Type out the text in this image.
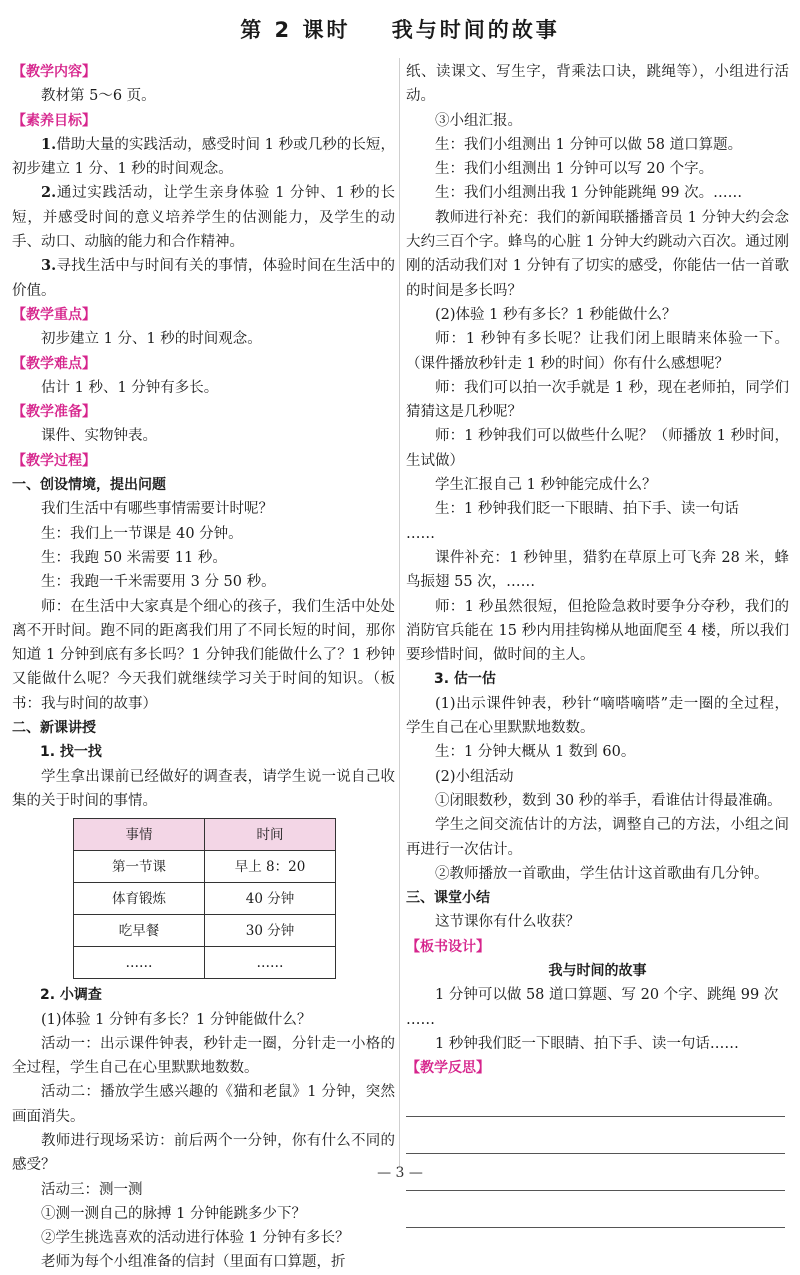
第 2 课时    我与时间的故事
【教学内容】
教材第 5～6 页。
【素养目标】
1.借助大量的实践活动，感受时间 1 秒或几秒的长短，初步建立 1 分、1 秒的时间观念。
2.通过实践活动，让学生亲身体验 1 分钟、1 秒的长短，并感受时间的意义培养学生的估测能力，及学生的动手、动口、动脑的能力和合作精神。
3.寻找生活中与时间有关的事情，体验时间在生活中的价值。
【教学重点】
初步建立 1 分、1 秒的时间观念。
【教学难点】
估计 1 秒、1 分钟有多长。
【教学准备】
课件、实物钟表。
【教学过程】
一、创设情境，提出问题
我们生活中有哪些事情需要计时呢？
生：我们上一节课是 40 分钟。
生：我跑 50 米需要 11 秒。
生：我跑一千米需要用 3 分 50 秒。
师：在生活中大家真是个细心的孩子，我们生活中处处离不开时间。跑不同的距离我们用了不同长短的时间，那你知道 1 分钟到底有多长吗？1 分钟我们能做什么了？1 秒钟又能做什么呢？今天我们就继续学习关于时间的知识。（板书：我与时间的故事）
二、新课讲授
1. 找一找
学生拿出课前已经做好的调查表，请学生说一说自己收集的关于时间的事情。
事情	时间
第一节课	早上 8：20
体育锻炼	40 分钟
吃早餐	30 分钟
……	……
2. 小调查
(1)体验 1 分钟有多长？1 分钟能做什么？
活动一：出示课件钟表，秒针走一圈，分针走一小格的全过程，学生自己在心里默默地数数。
活动二：播放学生感兴趣的《猫和老鼠》1 分钟，突然画面消失。
教师进行现场采访：前后两个一分钟，你有什么不同的感受？
活动三：测一测
①测一测自己的脉搏 1 分钟能跳多少下？
②学生挑选喜欢的活动进行体验 1 分钟有多长？
老师为每个小组准备的信封（里面有口算题，折
纸、读课文、写生字，背乘法口诀，跳绳等），小组进行活动。
③小组汇报。
生：我们小组测出 1 分钟可以做 58 道口算题。
生：我们小组测出 1 分钟可以写 20 个字。
生：我们小组测出我 1 分钟能跳绳 99 次。……
教师进行补充：我们的新闻联播播音员 1 分钟大约会念大约三百个字。蜂鸟的心脏 1 分钟大约跳动六百次。通过刚刚的活动我们对 1 分钟有了切实的感受，你能估一估一首歌的时间是多长吗？
(2)体验 1 秒有多长？1 秒能做什么？
师：1 秒钟有多长呢？让我们闭上眼睛来体验一下。（课件播放秒针走 1 秒的时间）你有什么感想呢？
师：我们可以拍一次手就是 1 秒，现在老师拍，同学们猜猜这是几秒呢？
师：1 秒钟我们可以做些什么呢？（师播放 1 秒时间，生试做）
学生汇报自己 1 秒钟能完成什么？
生：1 秒钟我们眨一下眼睛、拍下手、读一句话
……
课件补充：1 秒钟里，猎豹在草原上可飞奔 28 米，蜂鸟振翅 55 次，……
师：1 秒虽然很短，但抢险急救时要争分夺秒，我们的消防官兵能在 15 秒内用挂钩梯从地面爬至 4 楼，所以我们要珍惜时间，做时间的主人。
3. 估一估
(1)出示课件钟表，秒针“嘀嗒嘀嗒”走一圈的全过程，学生自己在心里默默地数数。
生：1 分钟大概从 1 数到 60。
(2)小组活动
①闭眼数秒，数到 30 秒的举手，看谁估计得最准确。
学生之间交流估计的方法，调整自己的方法，小组之间再进行一次估计。
②教师播放一首歌曲，学生估计这首歌曲有几分钟。
三、课堂小结
这节课你有什么收获？
【板书设计】
我与时间的故事
1 分钟可以做 58 道口算题、写 20 个字、跳绳 99 次
……
1 秒钟我们眨一下眼睛、拍下手、读一句话……
【教学反思】
— 3 —
